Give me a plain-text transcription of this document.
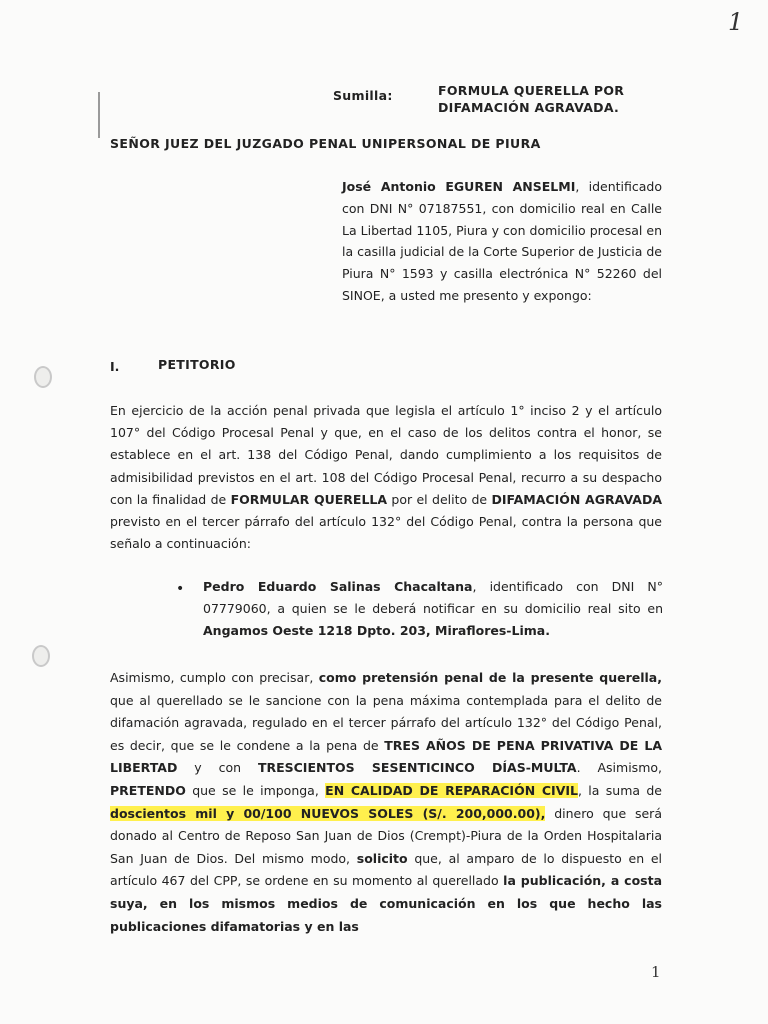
1
Sumilla:	FORMULA QUERELLA POR
DIFAMACIÓN AGRAVADA.
SEÑOR JUEZ DEL JUZGADO PENAL UNIPERSONAL DE PIURA
José Antonio EGUREN ANSELMI, identificado con DNI N° 07187551, con domicilio real en Calle La Libertad 1105, Piura y con domicilio procesal en la casilla judicial de la Corte Superior de Justicia de Piura N° 1593 y casilla electrónica N° 52260 del SINOE, a usted me presento y expongo:
I.	PETITORIO
En ejercicio de la acción penal privada que legisla el artículo 1° inciso 2 y el artículo 107° del Código Procesal Penal y que, en el caso de los delitos contra el honor, se establece en el art. 138 del Código Penal, dando cumplimiento a los requisitos de admisibilidad previstos en el art. 108 del Código Procesal Penal, recurro a su despacho con la finalidad de FORMULAR QUERELLA por el delito de DIFAMACIÓN AGRAVADA previsto en el tercer párrafo del artículo 132° del Código Penal, contra la persona que señalo a continuación:
• Pedro Eduardo Salinas Chacaltana, identificado con DNI N° 07779060, a quien se le deberá notificar en su domicilio real sito en Angamos Oeste 1218 Dpto. 203, Miraflores-Lima.
Asimismo, cumplo con precisar, como pretensión penal de la presente querella, que al querellado se le sancione con la pena máxima contemplada para el delito de difamación agravada, regulado en el tercer párrafo del artículo 132° del Código Penal, es decir, que se le condene a la pena de TRES AÑOS DE PENA PRIVATIVA DE LA LIBERTAD y con TRESCIENTOS SESENTICINCO DÍAS-MULTA. Asimismo, PRETENDO que se le imponga, EN CALIDAD DE REPARACIÓN CIVIL, la suma de doscientos mil y 00/100 NUEVOS SOLES (S/. 200,000.00), dinero que será donado al Centro de Reposo San Juan de Dios (Crempt)-Piura de la Orden Hospitalaria San Juan de Dios. Del mismo modo, solicito que, al amparo de lo dispuesto en el artículo 467 del CPP, se ordene en su momento al querellado la publicación, a costa suya, en los mismos medios de comunicación en los que hecho las publicaciones difamatorias y en las
1
